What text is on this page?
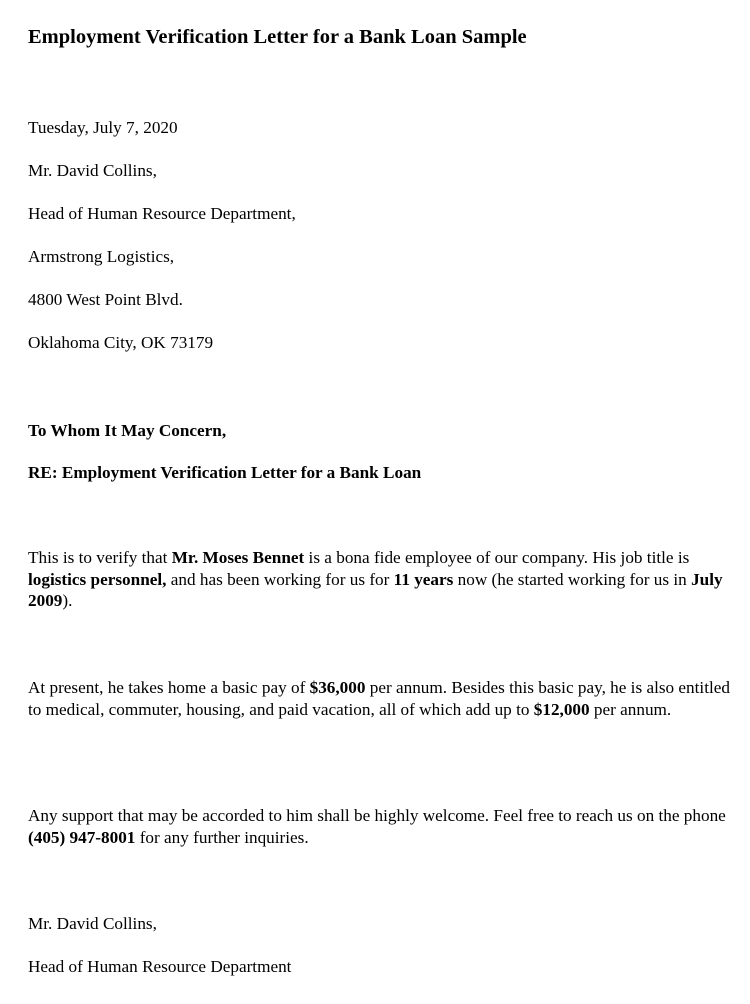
Employment Verification Letter for a Bank Loan Sample
Tuesday, July 7, 2020
Mr. David Collins,
Head of Human Resource Department,
Armstrong Logistics,
4800 West Point Blvd.
Oklahoma City, OK 73179
To Whom It May Concern,
RE: Employment Verification Letter for a Bank Loan
This is to verify that Mr. Moses Bennet is a bona fide employee of our company. His job title is logistics personnel, and has been working for us for 11 years now (he started working for us in July 2009).
At present, he takes home a basic pay of $36,000 per annum. Besides this basic pay, he is also entitled to medical, commuter, housing, and paid vacation, all of which add up to $12,000 per annum.
Any support that may be accorded to him shall be highly welcome. Feel free to reach us on the phone (405) 947-8001 for any further inquiries.
Mr. David Collins,
Head of Human Resource Department
